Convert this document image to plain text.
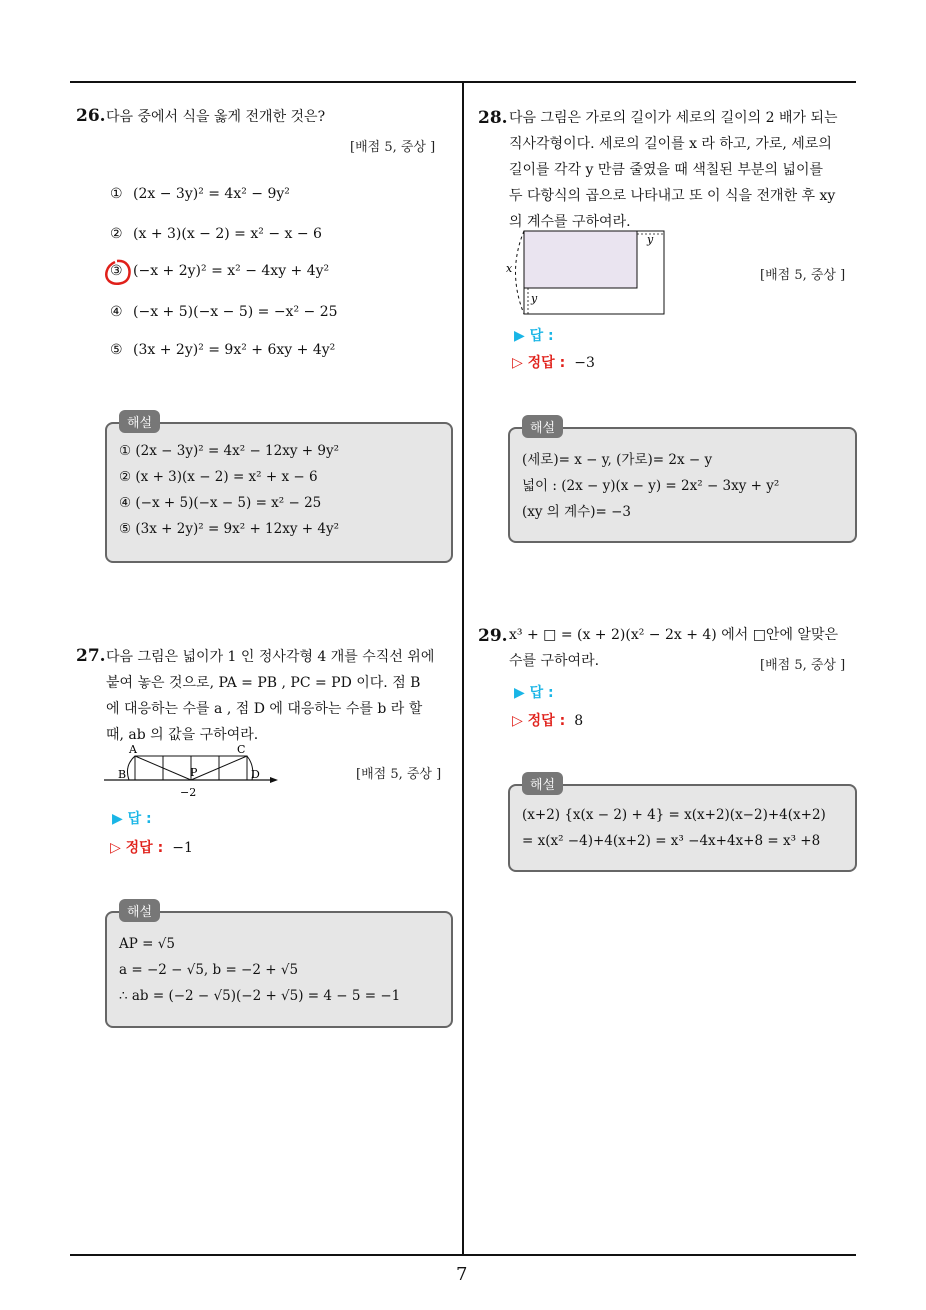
7
26. 다음 중에서 식을 옳게 전개한 것은?
[배점 5, 중상 ]
① (2x − 3y)² = 4x² − 9y²
② (x + 3)(x − 2) = x² − x − 6
③ (−x + 2y)² = x² − 4xy + 4y²
④ (−x + 5)(−x − 5) = −x² − 25
⑤ (3x + 2y)² = 9x² + 6xy + 4y²
① (2x − 3y)² = 4x² − 12xy + 9y²
② (x + 3)(x − 2) = x² + x − 6
④ (−x + 5)(−x − 5) = x² − 25
⑤ (3x + 2y)² = 9x² + 12xy + 4y²
해설
27. 다음 그림은 넓이가 1 인 정사각형 4 개를 수직선 위에
붙여 놓은 것으로, PA = PB , PC = PD 이다. 점 B
에 대응하는 수를 a , 점 D 에 대응하는 수를 b 라 할
때, ab 의 값을 구하여라.
A	C
B	P	D
−2
[배점 5, 중상 ]
▶ 답 :
▷ 정답 : −1
AP = √5
a = −2 − √5, b = −2 + √5
∴ ab = (−2 − √5)(−2 + √5) = 4 − 5 = −1
해설
28. 다음 그림은 가로의 길이가 세로의 길이의 2 배가 되는
직사각형이다. 세로의 길이를 x 라 하고, 가로, 세로의
길이를 각각 y 만큼 줄였을 때 색칠된 부분의 넓이를
두 다항식의 곱으로 나타내고 또 이 식을 전개한 후 xy
의 계수를 구하여라.
x
y
y
[배점 5, 중상 ]
▶ 답 :
▷ 정답 : −3
(세로)= x − y, (가로)= 2x − y
넓이 : (2x − y)(x − y) = 2x² − 3xy + y²
(xy 의 계수)= −3
해설
29. x³ + □ = (x + 2)(x² − 2x + 4) 에서 □안에 알맞은
수를 구하여라.	[배점 5, 중상 ]
▶ 답 :
▷ 정답 : 8
(x+2) {x(x − 2) + 4} = x(x+2)(x−2)+4(x+2)
= x(x² −4)+4(x+2) = x³ −4x+4x+8 = x³ +8
해설
